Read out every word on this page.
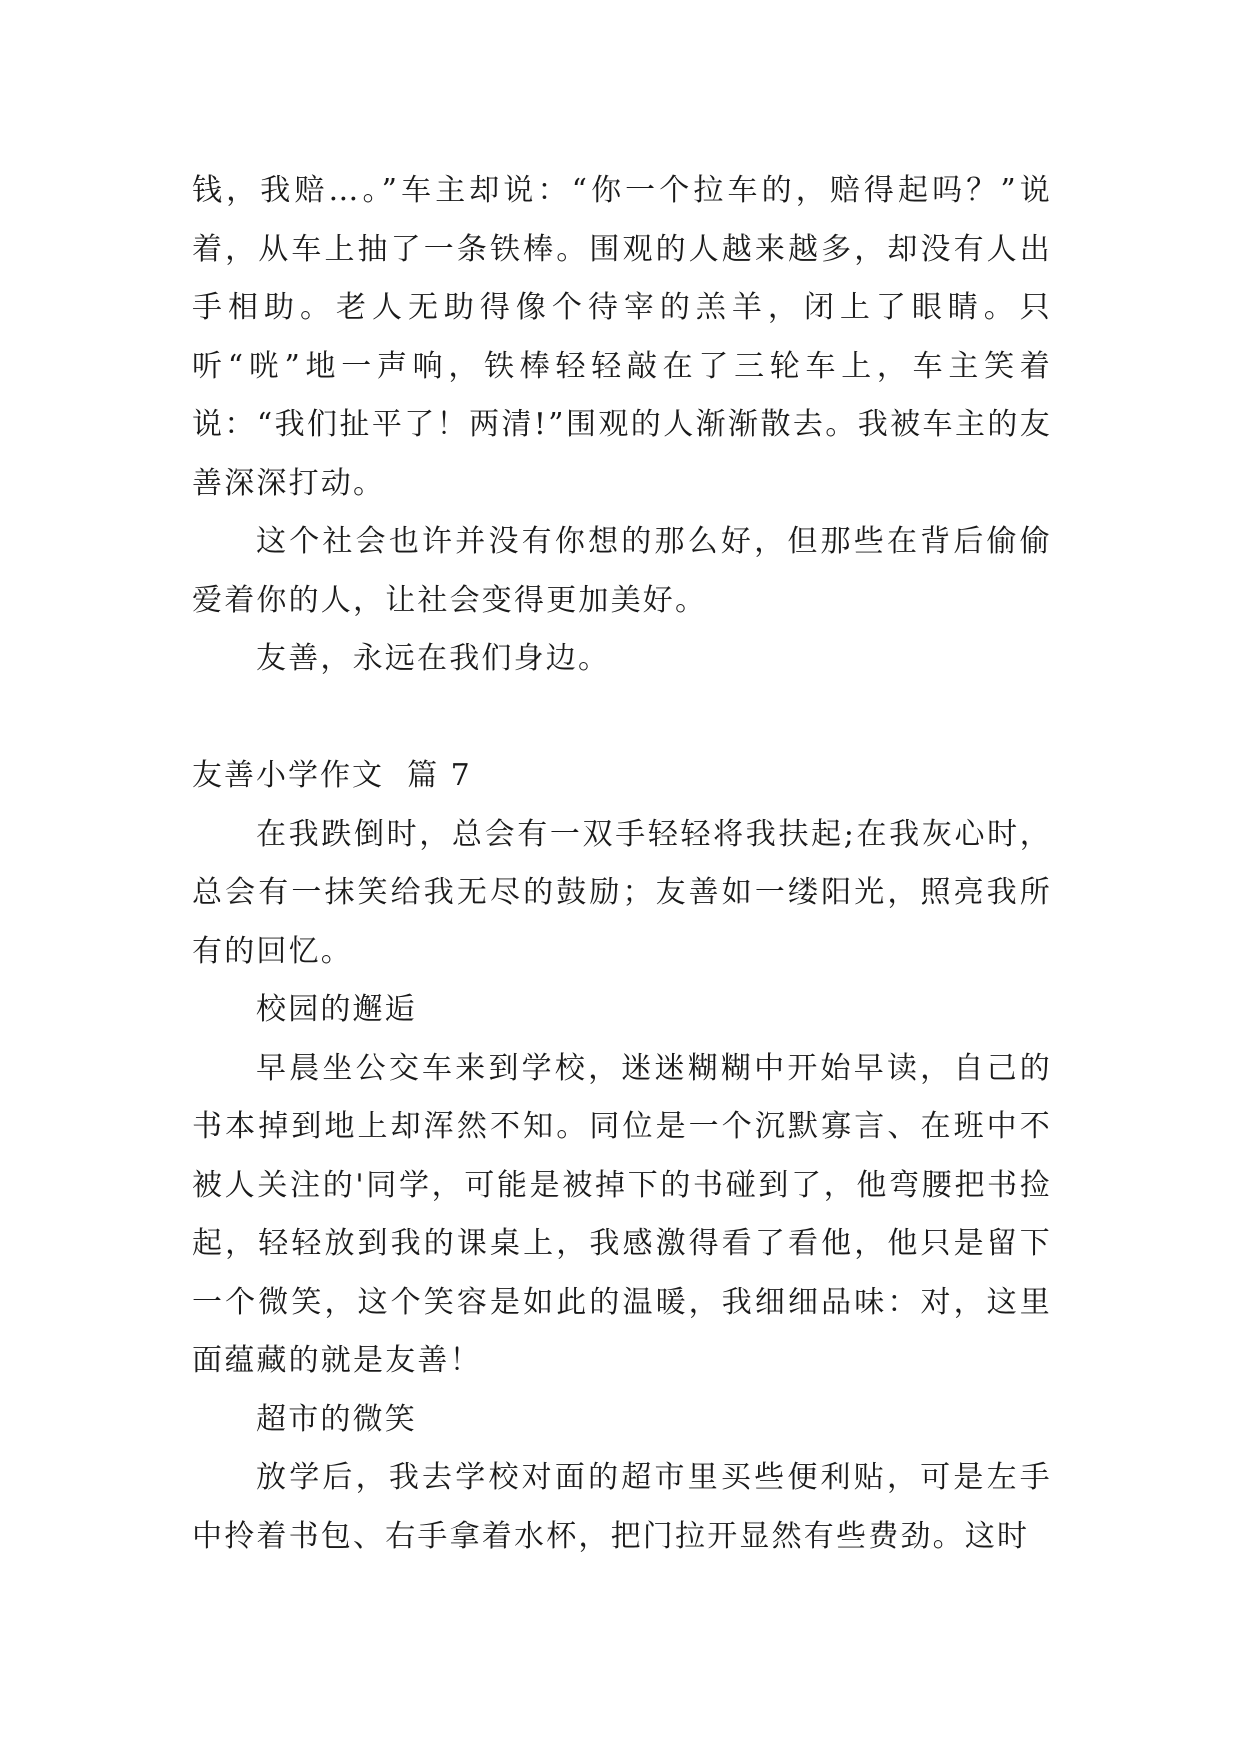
钱，我赔…。”车主却说：“你一个拉车的，赔得起吗？”说着，从车上抽了一条铁棒。围观的人越来越多，却没有人出手相助。老人无助得像个待宰的羔羊，闭上了眼睛。只听“咣”地一声响，铁棒轻轻敲在了三轮车上，车主笑着说：“我们扯平了！两清!”围观的人渐渐散去。我被车主的友善深深打动。

这个社会也许并没有你想的那么好，但那些在背后偷偷爱着你的人，让社会变得更加美好。

友善，永远在我们身边。

友善小学作文  篇 7

在我跌倒时，总会有一双手轻轻将我扶起;在我灰心时，总会有一抹笑给我无尽的鼓励；友善如一缕阳光，照亮我所有的回忆。

校园的邂逅

早晨坐公交车来到学校，迷迷糊糊中开始早读，自己的书本掉到地上却浑然不知。同位是一个沉默寡言、在班中不被人关注的'同学，可能是被掉下的书碰到了，他弯腰把书捡起，轻轻放到我的课桌上，我感激得看了看他，他只是留下一个微笑，这个笑容是如此的温暖，我细细品味：对，这里面蕴藏的就是友善！

超市的微笑

放学后，我去学校对面的超市里买些便利贴，可是左手中拎着书包、右手拿着水杯，把门拉开显然有些费劲。这时
